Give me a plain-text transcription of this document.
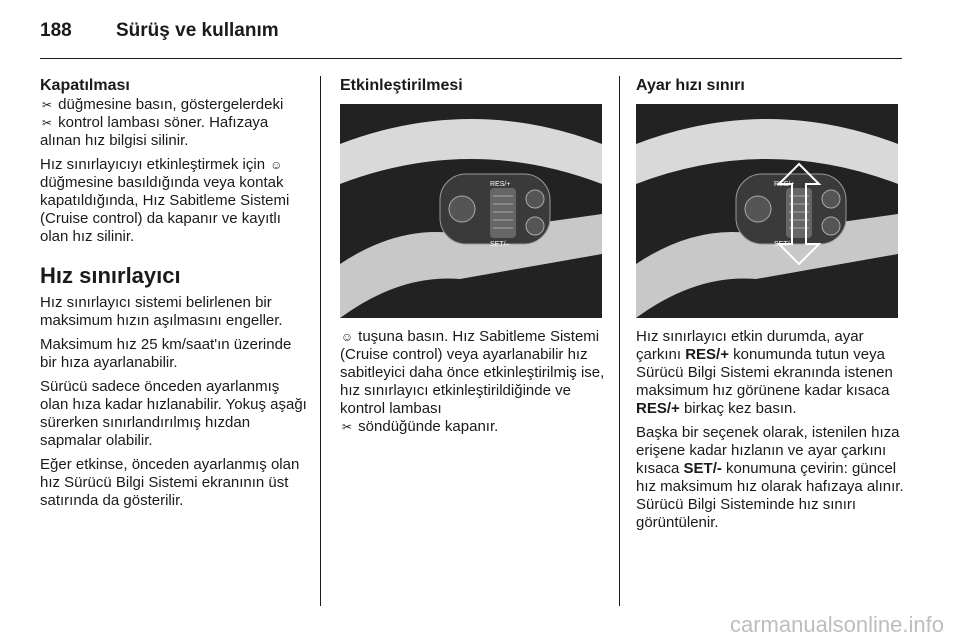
188 Sürüş ve kullanım
Kapatılması

✂ düğmesine basın, göstergelerdeki
✂ kontrol lambası söner. Hafızaya alınan hız bilgisi silinir.

Hız sınırlayıcıyı etkinleştirmek için ☺ düğmesine basıldığında veya kontak kapatıldığında, Hız Sabitleme Sistemi (Cruise control) da kapanır ve kayıtlı olan hız silinir.

Hız sınırlayıcı

Hız sınırlayıcı sistemi belirlenen bir maksimum hızın aşılmasını engeller.

Maksimum hız 25 km/saat'ın üzerinde bir hıza ayarlanabilir.

Sürücü sadece önceden ayarlanmış olan hıza kadar hızlanabilir. Yokuş aşağı sürerken sınırlandırılmış hızdan sapmalar olabilir.

Eğer etkinse, önceden ayarlanmış olan hız Sürücü Bilgi Sistemi ekranının üst satırında da gösterilir.

Etkinleştirilmesi
RES/+
SET/–

☺ tuşuna basın. Hız Sabitleme Sistemi (Cruise control) veya ayarlanabilir hız sabitleyici daha önce etkinleştirilmiş ise, hız sınırlayıcı etkinleştirildiğinde ve kontrol lambası
✂ söndüğünde kapanır.

Ayar hızı sınırı
RES/+
SET/–

Hız sınırlayıcı etkin durumda, ayar çarkını RES/+ konumunda tutun veya Sürücü Bilgi Sistemi ekranında istenen maksimum hız görünene kadar kısaca RES/+ birkaç kez basın.

Başka bir seçenek olarak, istenilen hıza erişene kadar hızlanın ve ayar çarkını kısaca SET/- konumuna çevirin: güncel hız maksimum hız olarak hafızaya alınır. Sürücü Bilgi Sisteminde hız sınırı görüntülenir.

carmanualsonline.info
